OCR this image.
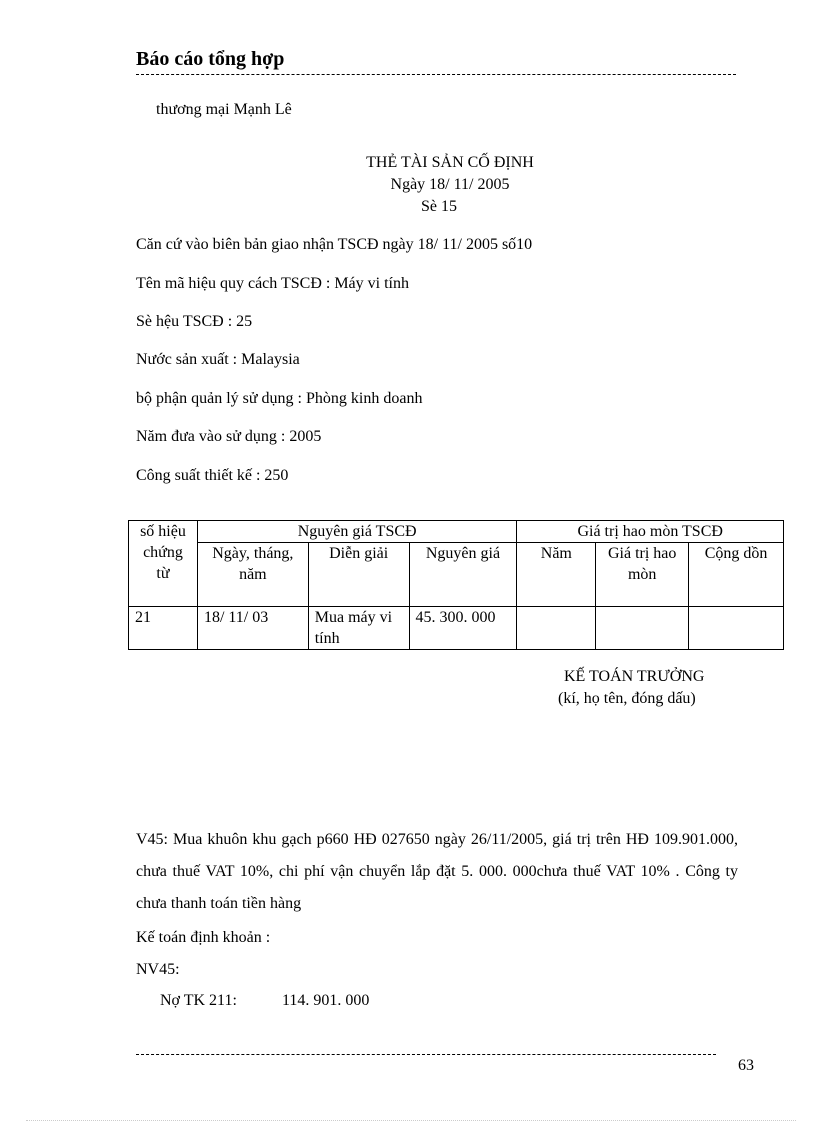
Báo cáo tổng hợp
thương mại Mạnh Lê
THẺ TÀI SẢN CỐ ĐỊNH
Ngày 18/ 11/ 2005
Sè 15
Căn cứ vào biên bản giao nhận TSCĐ ngày 18/ 11/ 2005 số10
Tên mã hiệu quy cách TSCĐ : Máy vi tính
Sè hệu TSCĐ : 25
Nước sản xuất : Malaysia
bộ phận quản lý sử dụng : Phòng kinh doanh
Năm đưa vào sử dụng : 2005
Công suất thiết kế : 250
số hiệu chứng từ	Nguyên giá TSCĐ			Giá trị hao mòn TSCĐ		
	Ngày, tháng, năm	Diễn giải	Nguyên giá	Năm	Giá trị hao mòn	Cộng dồn
21	18/ 11/ 03	Mua máy vi tính	45. 300. 000			
KẾ TOÁN TRƯỞNG
(kí, họ tên, đóng dấu)
V45: Mua khuôn khu gạch p660 HĐ 027650 ngày 26/11/2005, giá trị trên HĐ 109.901.000, chưa thuế VAT 10%, chi phí vận chuyển lắp đặt 5. 000. 000chưa thuế VAT 10% . Công ty chưa thanh toán tiền hàng
Kế toán định khoản :
NV45:
Nợ TK 211:	114. 901. 000
63
